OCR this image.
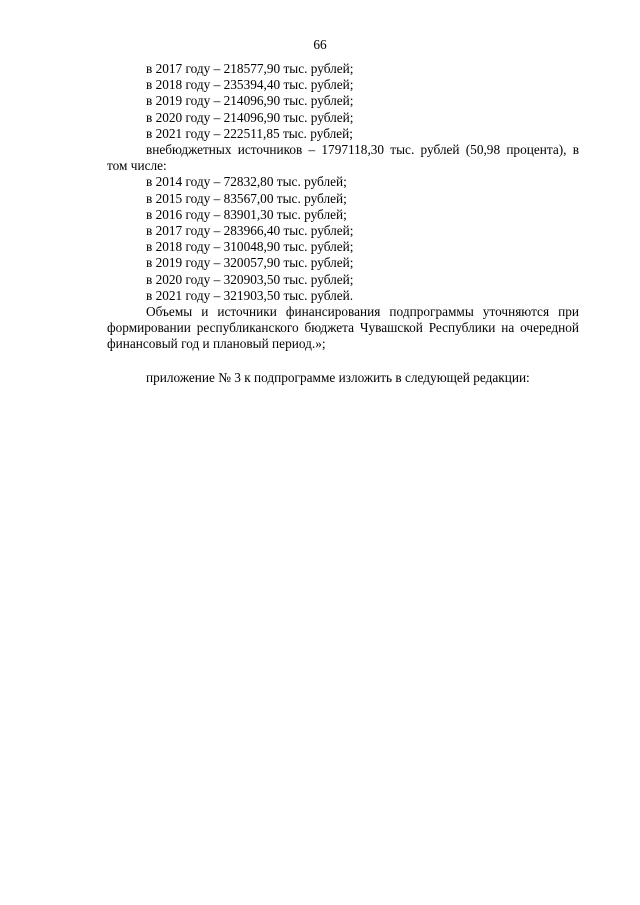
66
в 2017 году – 218577,90 тыс. рублей;
в 2018 году – 235394,40 тыс. рублей;
в 2019 году – 214096,90 тыс. рублей;
в 2020 году – 214096,90 тыс. рублей;
в 2021 году – 222511,85 тыс. рублей;

внебюджетных источников – 1797118,30 тыс. рублей (50,98 процента), в том числе:

в 2014 году – 72832,80 тыс. рублей;
в 2015 году – 83567,00 тыс. рублей;
в 2016 году – 83901,30 тыс. рублей;
в 2017 году – 283966,40 тыс. рублей;
в 2018 году – 310048,90 тыс. рублей;
в 2019 году – 320057,90 тыс. рублей;
в 2020 году – 320903,50 тыс. рублей;
в 2021 году – 321903,50 тыс. рублей.

Объемы и источники финансирования подпрограммы уточняются при формировании республиканского бюджета Чувашской Республики на очередной финансовый год и плановый период.»;

приложение № 3 к подпрограмме изложить в следующей редакции:
